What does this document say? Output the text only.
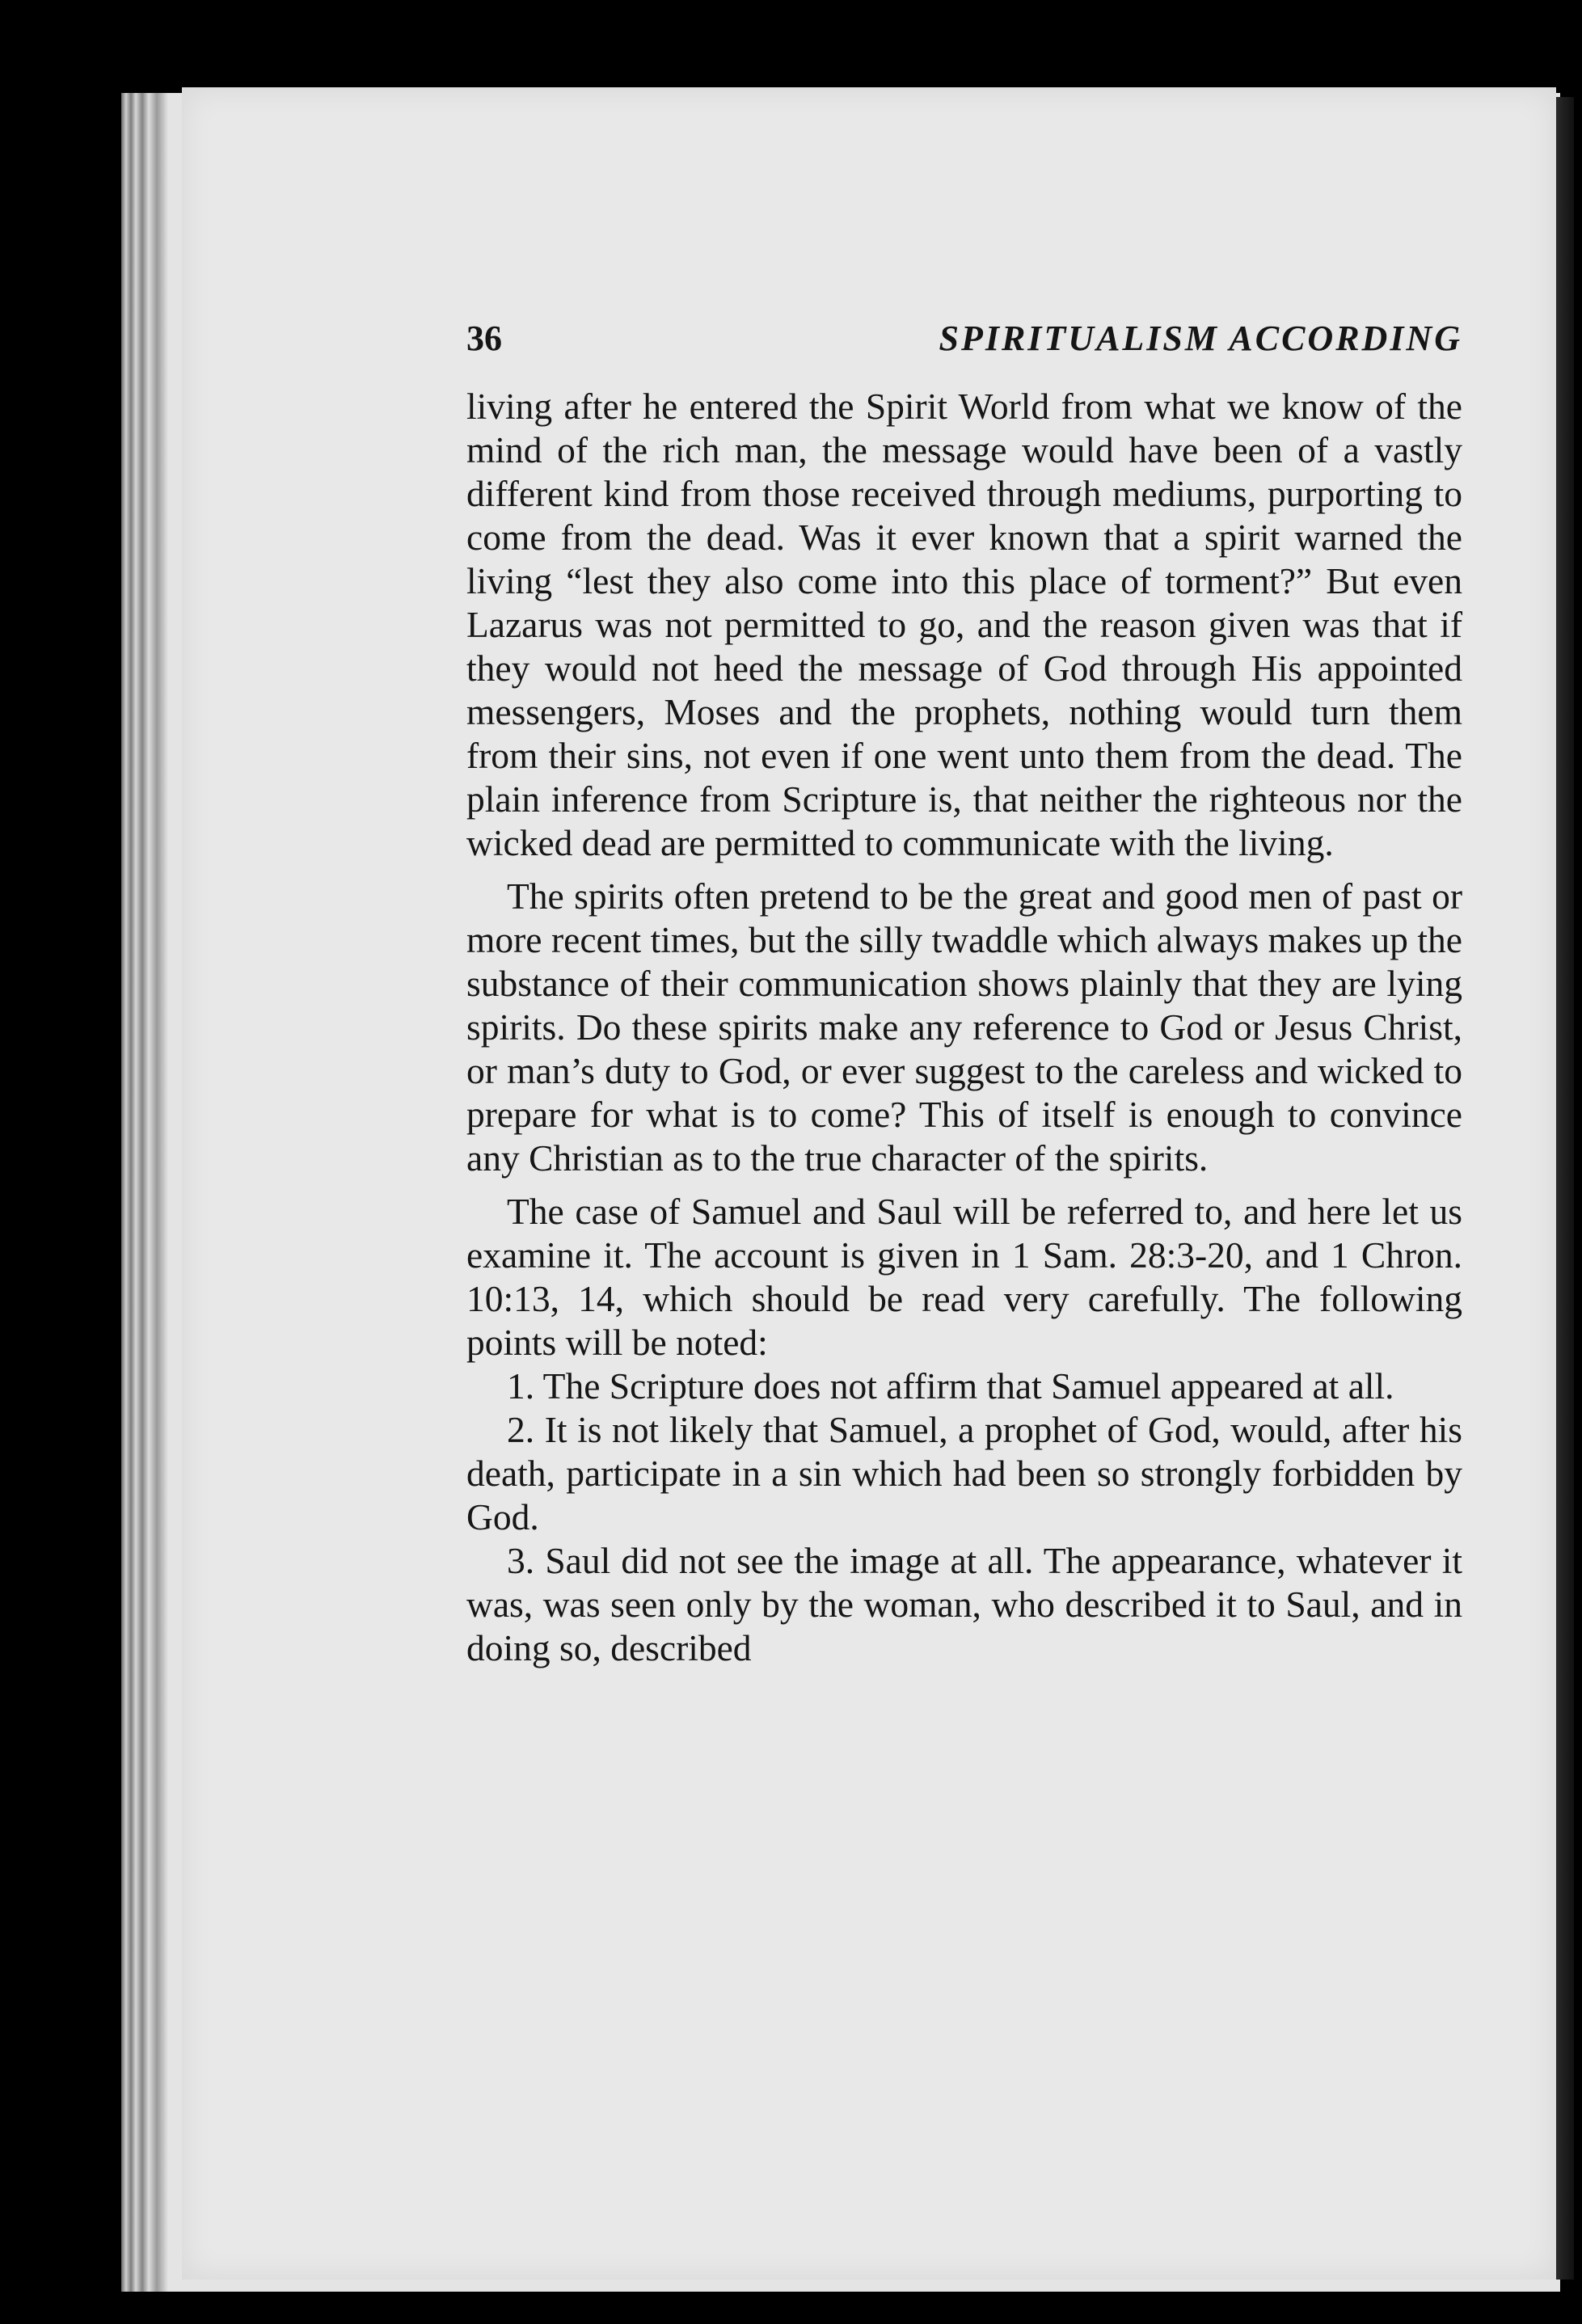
36	SPIRITUALISM ACCORDING

living after he entered the Spirit World from what we know of the mind of the rich man, the message would have been of a vastly different kind from those received through mediums, purporting to come from the dead. Was it ever known that a spirit warned the living “lest they also come into this place of torment?” But even Lazarus was not permitted to go, and the reason given was that if they would not heed the message of God through His appointed messengers, Moses and the prophets, nothing would turn them from their sins, not even if one went unto them from the dead. The plain inference from Scripture is, that neither the righteous nor the wicked dead are permitted to communicate with the living.

The spirits often pretend to be the great and good men of past or more recent times, but the silly twaddle which always makes up the substance of their communication shows plainly that they are lying spirits. Do these spirits make any reference to God or Jesus Christ, or man’s duty to God, or ever suggest to the careless and wicked to prepare for what is to come? This of itself is enough to convince any Christian as to the true character of the spirits.

The case of Samuel and Saul will be referred to, and here let us examine it. The account is given in 1 Sam. 28:3-20, and 1 Chron. 10:13, 14, which should be read very carefully. The following points will be noted:

1. The Scripture does not affirm that Samuel appeared at all.

2. It is not likely that Samuel, a prophet of God, would, after his death, participate in a sin which had been so strongly forbidden by God.

3. Saul did not see the image at all. The appearance, whatever it was, was seen only by the woman, who described it to Saul, and in doing so, described
